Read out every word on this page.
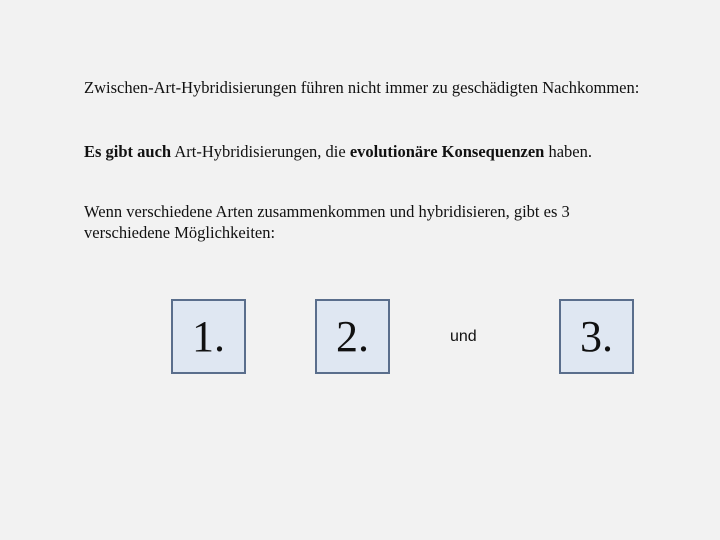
Zwischen-Art-Hybridisierungen führen nicht immer zu geschädigten Nachkommen:

Es gibt auch Art-Hybridisierungen, die evolutionäre Konsequenzen haben.

Wenn verschiedene Arten zusammenkommen und hybridisieren, gibt es 3 verschiedene Möglichkeiten:

1.	2.	und	3.
